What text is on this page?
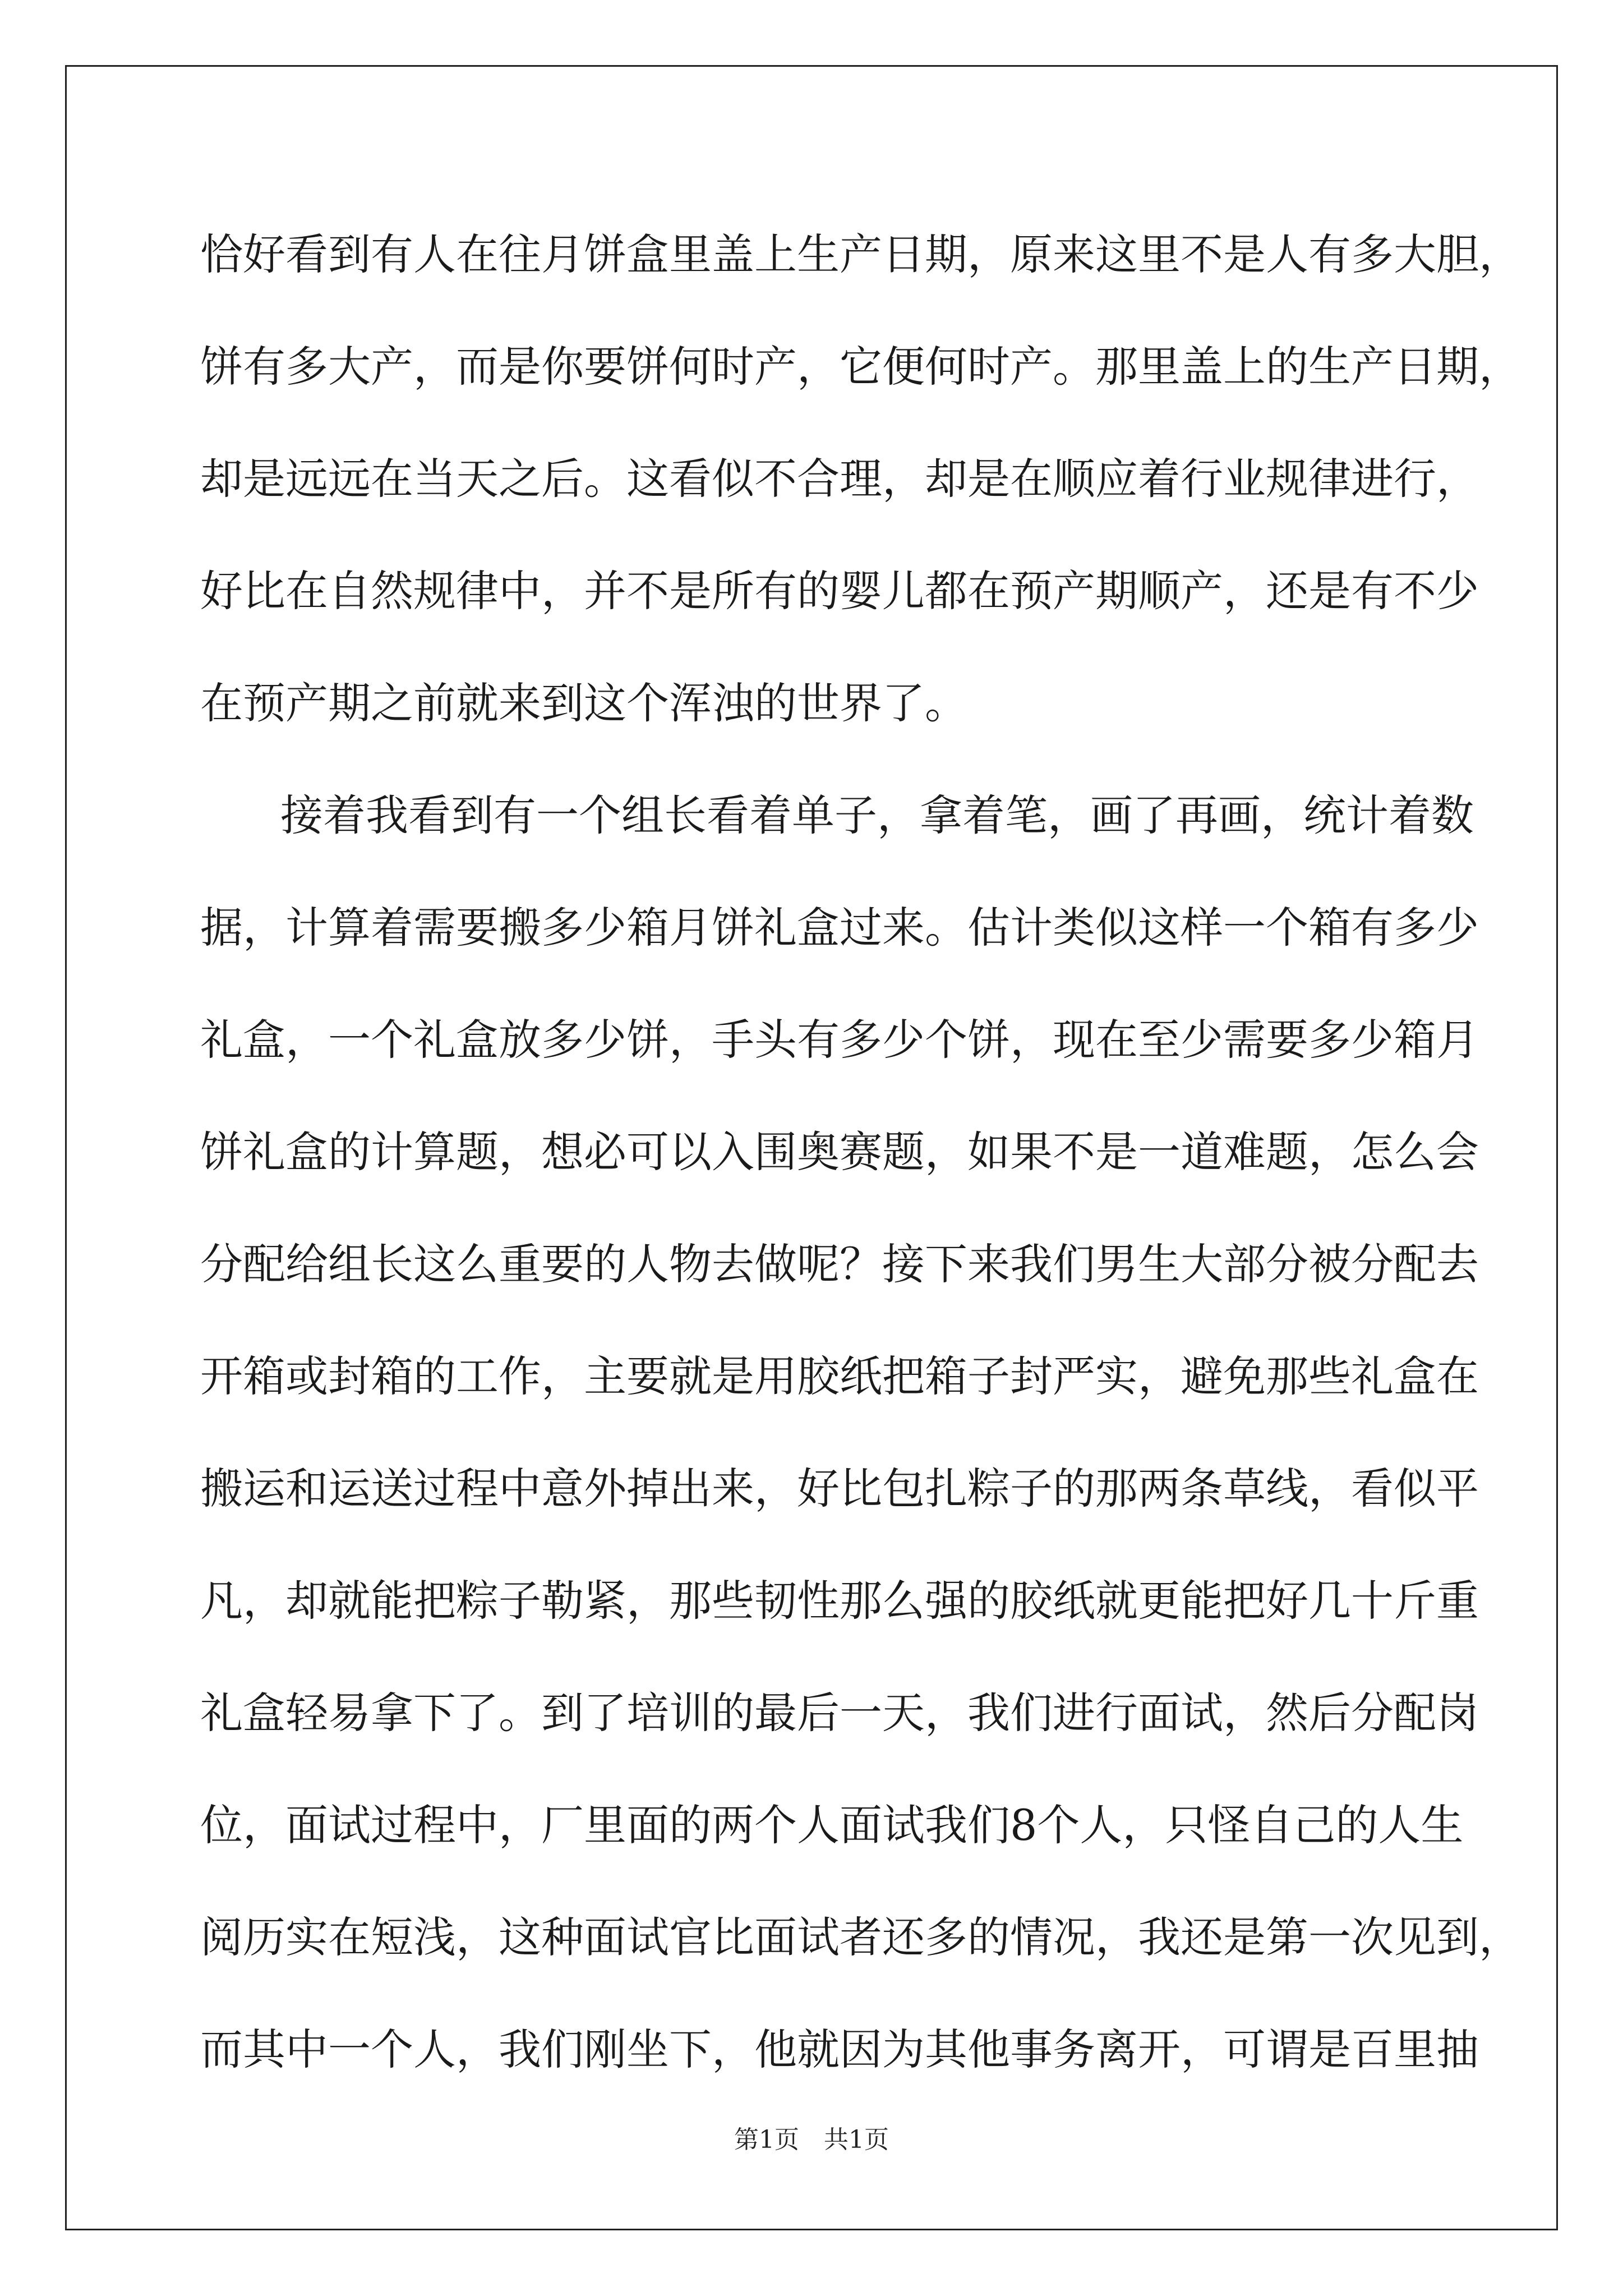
恰好看到有人在往月饼盒里盖上生产日期，原来这里不是人有多大胆，
饼有多大产，而是你要饼何时产，它便何时产。那里盖上的生产日期，
却是远远在当天之后。这看似不合理，却是在顺应着行业规律进行，
好比在自然规律中，并不是所有的婴儿都在预产期顺产，还是有不少
在预产期之前就来到这个浑浊的世界了。
接着我看到有一个组长看着单子，拿着笔，画了再画，统计着数
据，计算着需要搬多少箱月饼礼盒过来。估计类似这样一个箱有多少
礼盒，一个礼盒放多少饼，手头有多少个饼，现在至少需要多少箱月
饼礼盒的计算题，想必可以入围奥赛题，如果不是一道难题，怎么会
分配给组长这么重要的人物去做呢？接下来我们男生大部分被分配去
开箱或封箱的工作，主要就是用胶纸把箱子封严实，避免那些礼盒在
搬运和运送过程中意外掉出来，好比包扎粽子的那两条草线，看似平
凡，却就能把粽子勒紧，那些韧性那么强的胶纸就更能把好几十斤重
礼盒轻易拿下了。到了培训的最后一天，我们进行面试，然后分配岗
位，面试过程中，厂里面的两个人面试我们8个人，只怪自己的人生
阅历实在短浅，这种面试官比面试者还多的情况，我还是第一次见到，
而其中一个人，我们刚坐下，他就因为其他事务离开，可谓是百里抽
第1页　共1页
